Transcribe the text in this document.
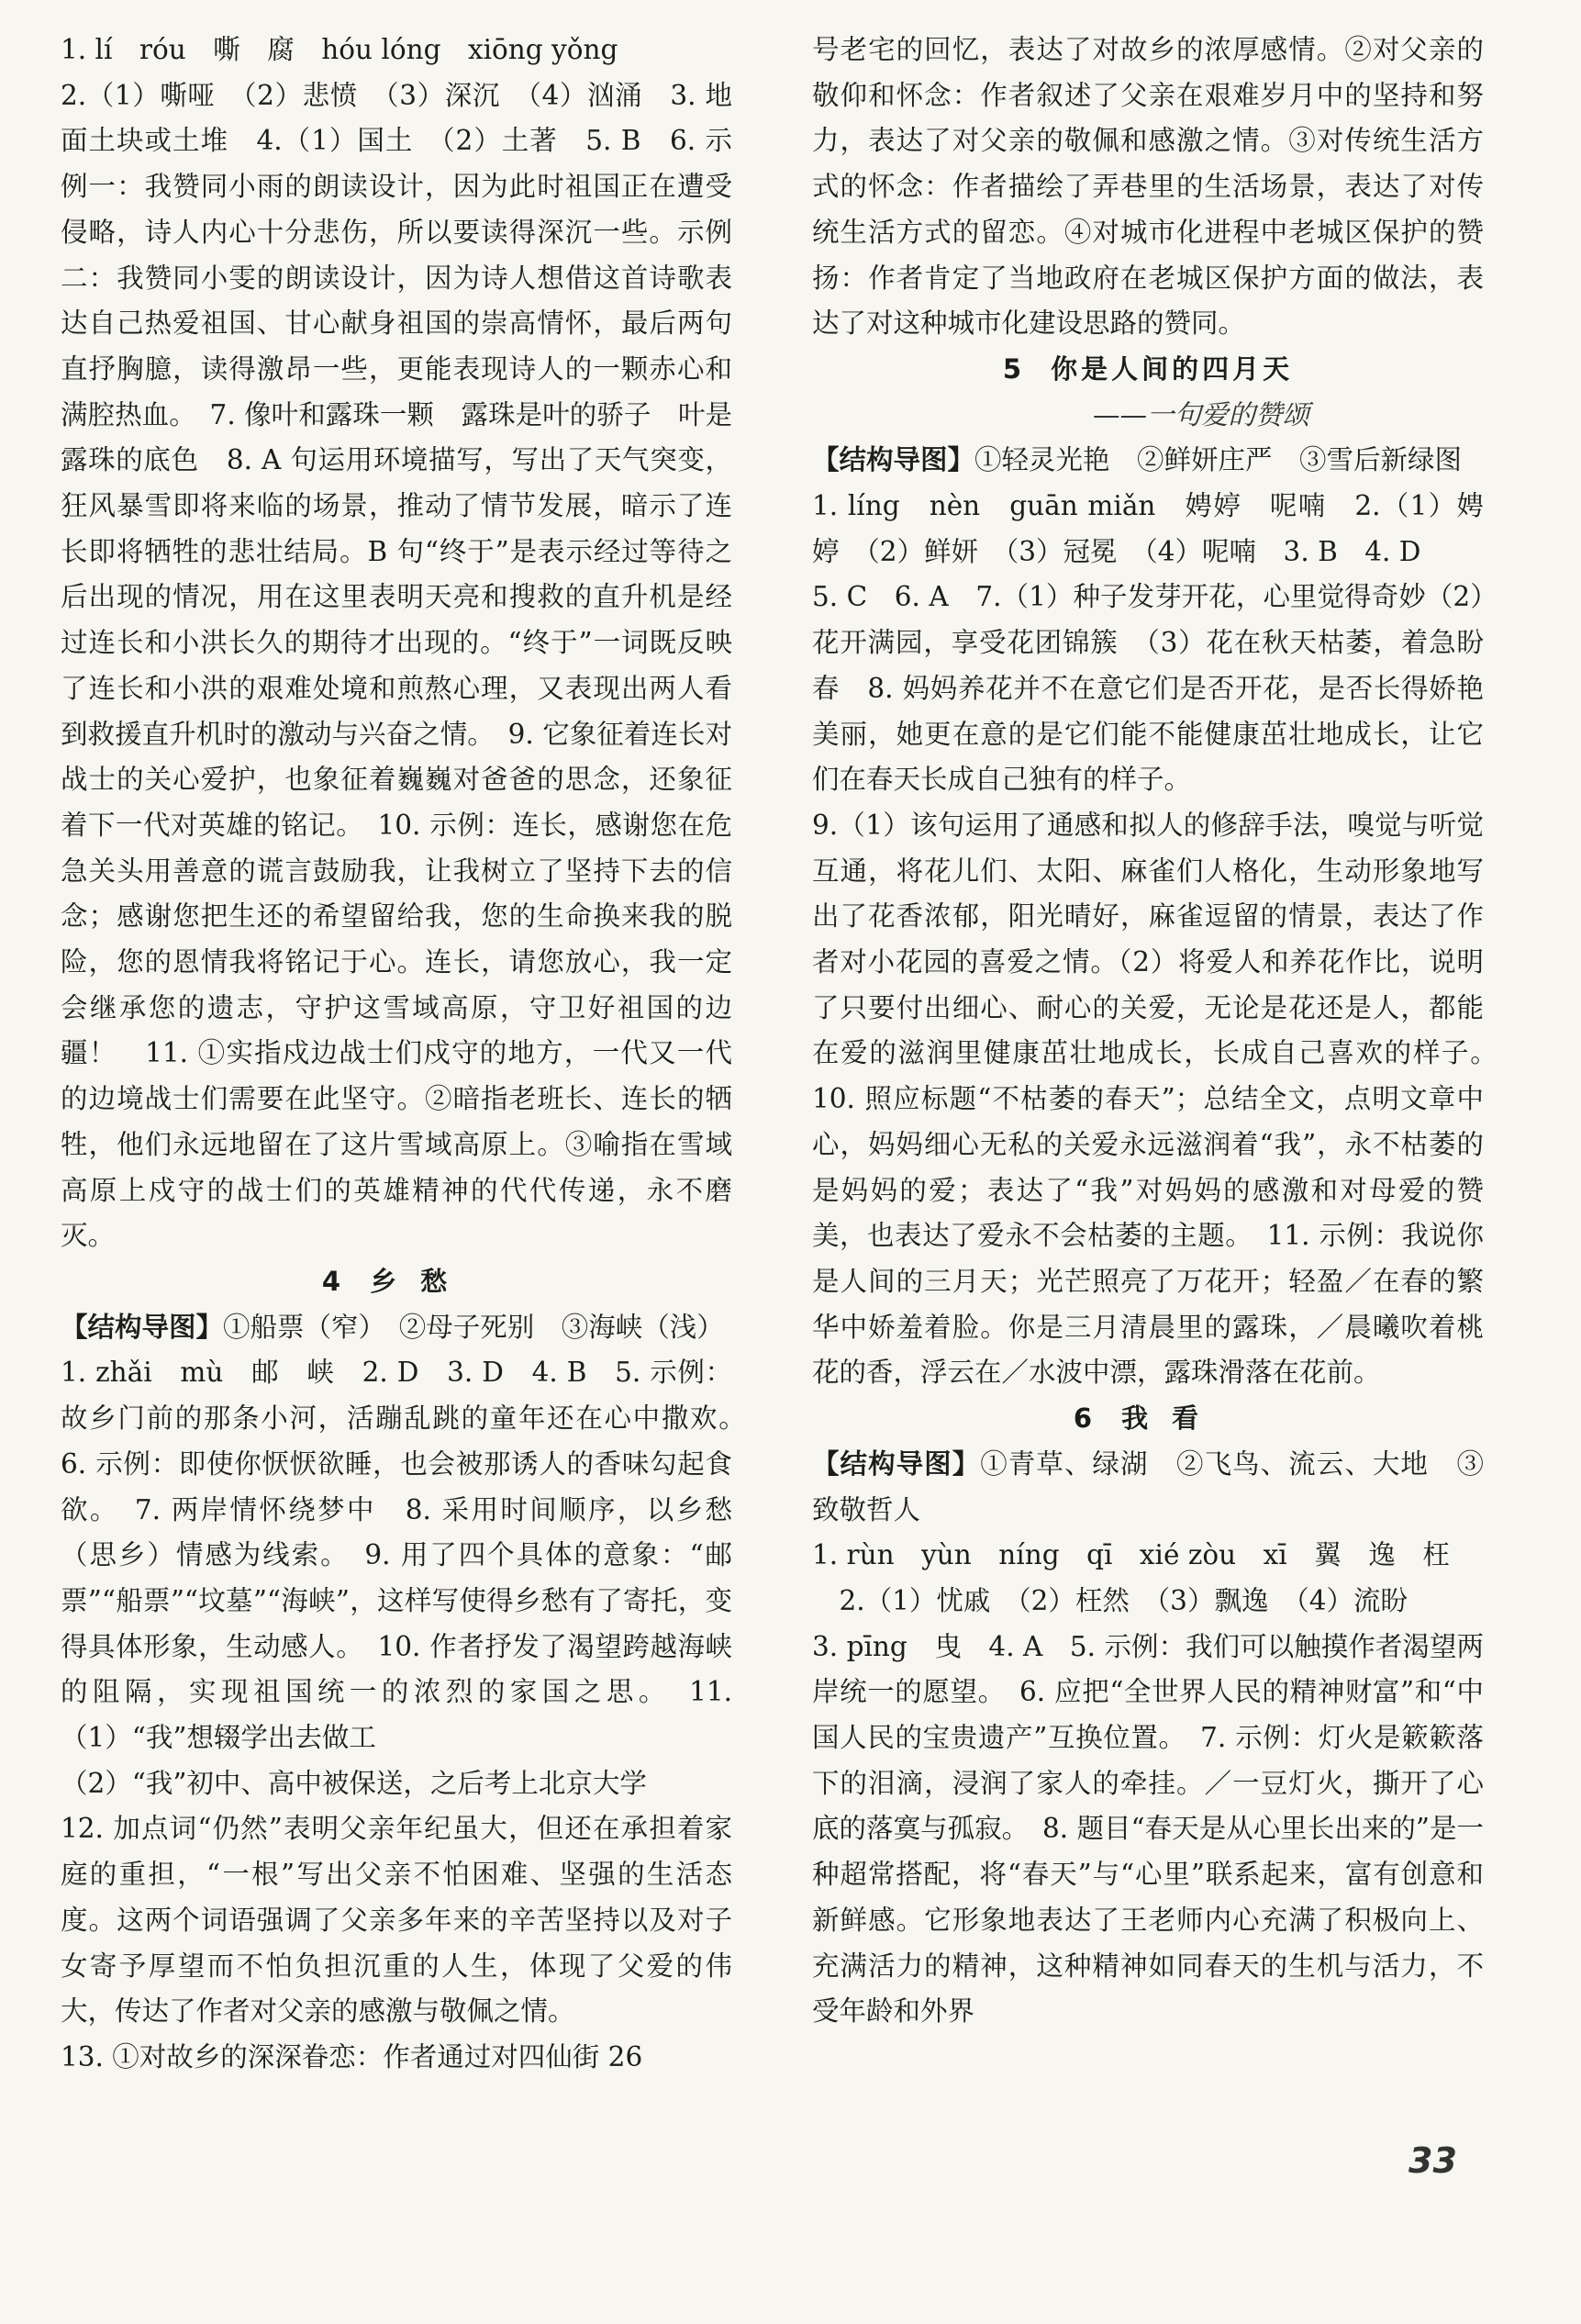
1. lí　róu　嘶　腐　hóu lóng　xiōng yǒng

2.（1）嘶哑　（2）悲愤　（3）深沉　（4）汹涌　3. 地面土块或土堆　4.（1）国土　（2）土著　5. B　6. 示例一：我赞同小雨的朗读设计，因为此时祖国正在遭受侵略，诗人内心十分悲伤，所以要读得深沉一些。示例二：我赞同小雯的朗读设计，因为诗人想借这首诗歌表达自己热爱祖国、甘心献身祖国的崇高情怀，最后两句直抒胸臆，读得激昂一些，更能表现诗人的一颗赤心和满腔热血。　7. 像叶和露珠一颗　露珠是叶的骄子　叶是露珠的底色　8. A 句运用环境描写，写出了天气突变，狂风暴雪即将来临的场景，推动了情节发展，暗示了连长即将牺牲的悲壮结局。B 句“终于”是表示经过等待之后出现的情况，用在这里表明天亮和搜救的直升机是经过连长和小洪长久的期待才出现的。“终于”一词既反映了连长和小洪的艰难处境和煎熬心理，又表现出两人看到救援直升机时的激动与兴奋之情。　9. 它象征着连长对战士的关心爱护，也象征着巍巍对爸爸的思念，还象征着下一代对英雄的铭记。　10. 示例：连长，感谢您在危急关头用善意的谎言鼓励我，让我树立了坚持下去的信念；感谢您把生还的希望留给我，您的生命换来我的脱险，您的恩情我将铭记于心。连长，请您放心，我一定会继承您的遗志，守护这雪域高原，守卫好祖国的边疆！　11. ①实指戍边战士们戍守的地方，一代又一代的边境战士们需要在此坚守。②暗指老班长、连长的牺牲，他们永远地留在了这片雪域高原上。③喻指在雪域高原上戍守的战士们的英雄精神的代代传递，永不磨灭。

4 乡愁

【结构导图】①船票（窄）　②母子死别　③海峡（浅）

1. zhǎi　mù　邮　峡　2. D　3. D　4. B　5. 示例：故乡门前的那条小河，活蹦乱跳的童年还在心中撒欢。　6. 示例：即使你恹恹欲睡，也会被那诱人的香味勾起食欲。　7. 两岸情怀绕梦中　8. 采用时间顺序，以乡愁（思乡）情感为线索。　9. 用了四个具体的意象：“邮票”“船票”“坟墓”“海峡”，这样写使得乡愁有了寄托，变得具体形象，生动感人。　10. 作者抒发了渴望跨越海峡的阻隔，实现祖国统一的浓烈的家国之思。　11.（1）“我”想辍学出去做工

（2）“我”初中、高中被保送，之后考上北京大学

12. 加点词“仍然”表明父亲年纪虽大，但还在承担着家庭的重担，“一根”写出父亲不怕困难、坚强的生活态度。这两个词语强调了父亲多年来的辛苦坚持以及对子女寄予厚望而不怕负担沉重的人生，体现了父爱的伟大，传达了作者对父亲的感激与敬佩之情。

13. ①对故乡的深深眷恋：作者通过对四仙街 26

号老宅的回忆，表达了对故乡的浓厚感情。②对父亲的敬仰和怀念：作者叙述了父亲在艰难岁月中的坚持和努力，表达了对父亲的敬佩和感激之情。③对传统生活方式的怀念：作者描绘了弄巷里的生活场景，表达了对传统生活方式的留恋。④对城市化进程中老城区保护的赞扬：作者肯定了当地政府在老城区保护方面的做法，表达了对这种城市化建设思路的赞同。

5 你是人间的四月天

——一句爱的赞颂

【结构导图】①轻灵光艳　②鲜妍庄严　③雪后新绿图

1. líng　nèn　guān miǎn　娉婷　呢喃　2.（1）娉婷　（2）鲜妍　（3）冠冕　（4）呢喃　3. B　4. D

5. C　6. A　7.（1）种子发芽开花，心里觉得奇妙（2）花开满园，享受花团锦簇　（3）花在秋天枯萎，着急盼春　8. 妈妈养花并不在意它们是否开花，是否长得娇艳美丽，她更在意的是它们能不能健康茁壮地成长，让它们在春天长成自己独有的样子。

9.（1）该句运用了通感和拟人的修辞手法，嗅觉与听觉互通，将花儿们、太阳、麻雀们人格化，生动形象地写出了花香浓郁，阳光晴好，麻雀逗留的情景，表达了作者对小花园的喜爱之情。（2）将爱人和养花作比，说明了只要付出细心、耐心的关爱，无论是花还是人，都能在爱的滋润里健康茁壮地成长，长成自己喜欢的样子。　10. 照应标题“不枯萎的春天”；总结全文，点明文章中心，妈妈细心无私的关爱永远滋润着“我”，永不枯萎的是妈妈的爱；表达了“我”对妈妈的感激和对母爱的赞美，也表达了爱永不会枯萎的主题。　11. 示例：我说你是人间的三月天；光芒照亮了万花开；轻盈／在春的繁华中娇羞着脸。你是三月清晨里的露珠，／晨曦吹着桃花的香，浮云在／水波中漂，露珠滑落在花前。

6 我看

【结构导图】①青草、绿湖　②飞鸟、流云、大地　③致敬哲人

1. rùn　yùn　níng　qī　xié zòu　xī　翼　逸　枉

　2.（1）忧戚　（2）枉然　（3）飘逸　（4）流盼

3. pīng　曳　4. A　5. 示例：我们可以触摸作者渴望两岸统一的愿望。　6. 应把“全世界人民的精神财富”和“中国人民的宝贵遗产”互换位置。　7. 示例：灯火是簌簌落下的泪滴，浸润了家人的牵挂。／一豆灯火，撕开了心底的落寞与孤寂。　8. 题目“春天是从心里长出来的”是一种超常搭配，将“春天”与“心里”联系起来，富有创意和新鲜感。它形象地表达了王老师内心充满了积极向上、充满活力的精神，这种精神如同春天的生机与活力，不受年龄和外界

33
